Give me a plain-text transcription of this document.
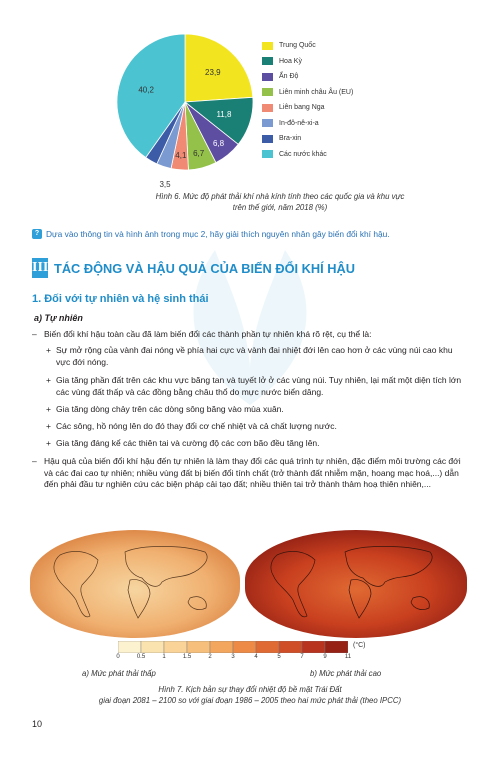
23,9
11,8
6,8
6,7
4,1
3,5
40,2
Trung Quốc
Hoa Kỳ
Ấn Độ
Liên minh châu Âu (EU)
Liên bang Nga
In-đô-nê-xi-a
Bra-xin
Các nước khác
Hình 6. Mức độ phát thải khí nhà kính tính theo các quốc gia và khu vực
trên thế giới, năm 2018 (%)
? Dựa vào thông tin và hình ảnh trong mục 2, hãy giải thích nguyên nhân gây biến đổi khí hậu.
III TÁC ĐỘNG VÀ HẬU QUẢ CỦA BIẾN ĐỔI KHÍ HẬU
1. Đối với tự nhiên và hệ sinh thái
a) Tự nhiên
– Biến đổi khí hậu toàn cầu đã làm biến đổi các thành phần tự nhiên khá rõ rệt, cụ thể là:
+ Sự mở rộng của vành đai nóng về phía hai cực và vành đai nhiệt đới lên cao hơn ở các vùng núi cao khu vực đới nóng.
+ Gia tăng phần đất trên các khu vực băng tan và tuyết lở ở các vùng núi. Tuy nhiên, lại mất một diện tích lớn các vùng đất thấp và các đồng bằng châu thổ do mực nước biển dâng.
+ Gia tăng dòng chảy trên các dòng sông băng vào mùa xuân.
+ Các sông, hồ nóng lên do đó thay đổi cơ chế nhiệt và cả chất lượng nước.
+ Gia tăng đáng kể các thiên tai và cường độ các cơn bão đều tăng lên.
– Hậu quả của biến đổi khí hậu đến tự nhiên là làm thay đổi các quá trình tự nhiên, đặc điểm môi trường các đới và các đai cao tự nhiên; nhiều vùng đất bị biến đổi tính chất (trở thành đất nhiễm mặn, hoang mạc hoá,...) dẫn đến phải đầu tư nghiên cứu các biện pháp cải tạo đất; nhiều thiên tai trở thành thảm hoạ thiên nhiên,...
0	0.5	1	1.5	2	3	4	5	7	9	11
(°C)
a) Mức phát thải thấp	b) Mức phát thải cao
Hình 7. Kịch bản sự thay đổi nhiệt độ bề mặt Trái Đất
giai đoạn 2081 – 2100 so với giai đoạn 1986 – 2005 theo hai mức phát thải (theo IPCC)
10
